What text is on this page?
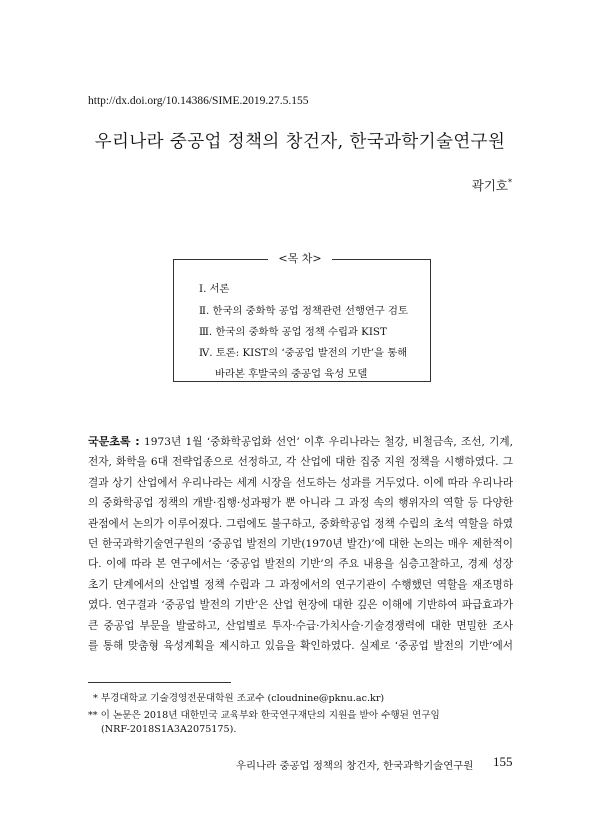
http://dx.doi.org/10.14386/SIME.2019.27.5.155
우리나라 중공업 정책의 창건자, 한국과학기술연구원
곽기호*
<목 차>
Ⅰ. 서론
Ⅱ. 한국의 중화학 공업 정책관련 선행연구 검토
Ⅲ. 한국의 중화학 공업 정책 수립과 KIST
Ⅳ. 토론: KIST의 ‘중공업 발전의 기반’을 통해
바라본 후발국의 중공업 육성 모델
국문초록 : 1973년 1월 ‘중화학공업화 선언’ 이후 우리나라는 철강, 비철금속, 조선, 기계,
전자, 화학을 6대 전략업종으로 선정하고, 각 산업에 대한 집중 지원 정책을 시행하였다. 그
결과 상기 산업에서 우리나라는 세계 시장을 선도하는 성과를 거두었다. 이에 따라 우리나라
의 중화학공업 정책의 개발·집행·성과평가 뿐 아니라 그 과정 속의 행위자의 역할 등 다양한
관점에서 논의가 이루어졌다. 그럼에도 불구하고, 중화학공업 정책 수립의 초석 역할을 하였
던 한국과학기술연구원의 ‘중공업 발전의 기반(1970년 발간)’에 대한 논의는 매우 제한적이
다. 이에 따라 본 연구에서는 ‘중공업 발전의 기반’의 주요 내용을 심층고찰하고, 경제 성장
초기 단계에서의 산업별 정책 수립과 그 과정에서의 연구기관이 수행했던 역할을 재조명하
였다. 연구결과 ‘중공업 발전의 기반’은 산업 현장에 대한 깊은 이해에 기반하여 파급효과가
큰 중공업 부문을 발굴하고, 산업별로 투자·수급·가치사슬·기술경쟁력에 대한 면밀한 조사
를 통해 맞춤형 육성계획을 제시하고 있음을 확인하였다. 실제로 ‘중공업 발전의 기반’에서
* 부경대학교 기술경영전문대학원 조교수 (cloudnine@pknu.ac.kr)
** 이 논문은 2018년 대한민국 교육부와 한국연구재단의 지원을 받아 수행된 연구임
(NRF-2018S1A3A2075175).
우리나라 중공업 정책의 창건자, 한국과학기술연구원 155
